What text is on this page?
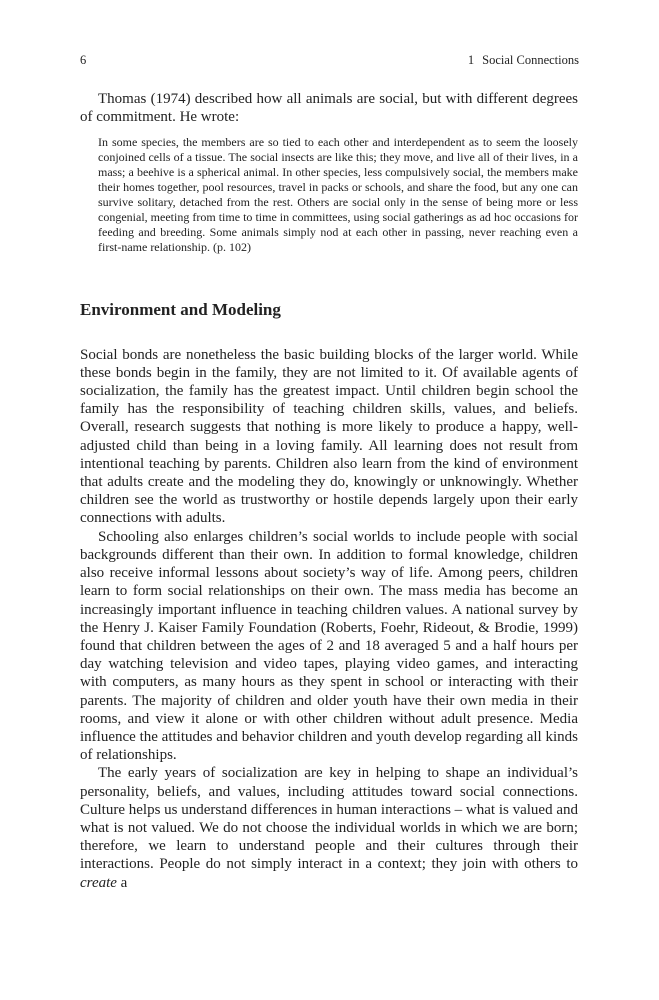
6	1 Social Connections

Thomas (1974) described how all animals are social, but with different degrees of commitment. He wrote:

In some species, the members are so tied to each other and interdependent as to seem the loosely conjoined cells of a tissue. The social insects are like this; they move, and live all of their lives, in a mass; a beehive is a spherical animal. In other species, less compulsively social, the members make their homes together, pool resources, travel in packs or schools, and share the food, but any one can survive solitary, detached from the rest. Others are social only in the sense of being more or less congenial, meeting from time to time in committees, using social gatherings as ad hoc occasions for feeding and breeding. Some animals simply nod at each other in passing, never reaching even a first-name relationship. (p. 102)

Environment and Modeling

Social bonds are nonetheless the basic building blocks of the larger world. While these bonds begin in the family, they are not limited to it. Of available agents of socialization, the family has the greatest impact. Until children begin school the family has the responsibility of teaching children skills, values, and beliefs. Overall, research suggests that nothing is more likely to produce a happy, well-adjusted child than being in a loving family. All learning does not result from intentional teaching by parents. Children also learn from the kind of environment that adults create and the modeling they do, knowingly or unknowingly. Whether children see the world as trustworthy or hostile depends largely upon their early connections with adults.

Schooling also enlarges children’s social worlds to include people with social backgrounds different than their own. In addition to formal knowledge, children also receive informal lessons about society’s way of life. Among peers, children learn to form social relationships on their own. The mass media has become an increasingly important influence in teaching children values. A national survey by the Henry J. Kaiser Family Foundation (Roberts, Foehr, Rideout, & Brodie, 1999) found that children between the ages of 2 and 18 averaged 5 and a half hours per day watching television and video tapes, playing video games, and interacting with computers, as many hours as they spent in school or interacting with their parents. The majority of children and older youth have their own media in their rooms, and view it alone or with other children without adult presence. Media influence the attitudes and behavior children and youth develop regarding all kinds of relationships.

The early years of socialization are key in helping to shape an individual’s personality, beliefs, and values, including attitudes toward social connections. Culture helps us understand differences in human interactions – what is valued and what is not valued. We do not choose the individual worlds in which we are born; therefore, we learn to understand people and their cultures through their interactions. People do not simply interact in a context; they join with others to create a
